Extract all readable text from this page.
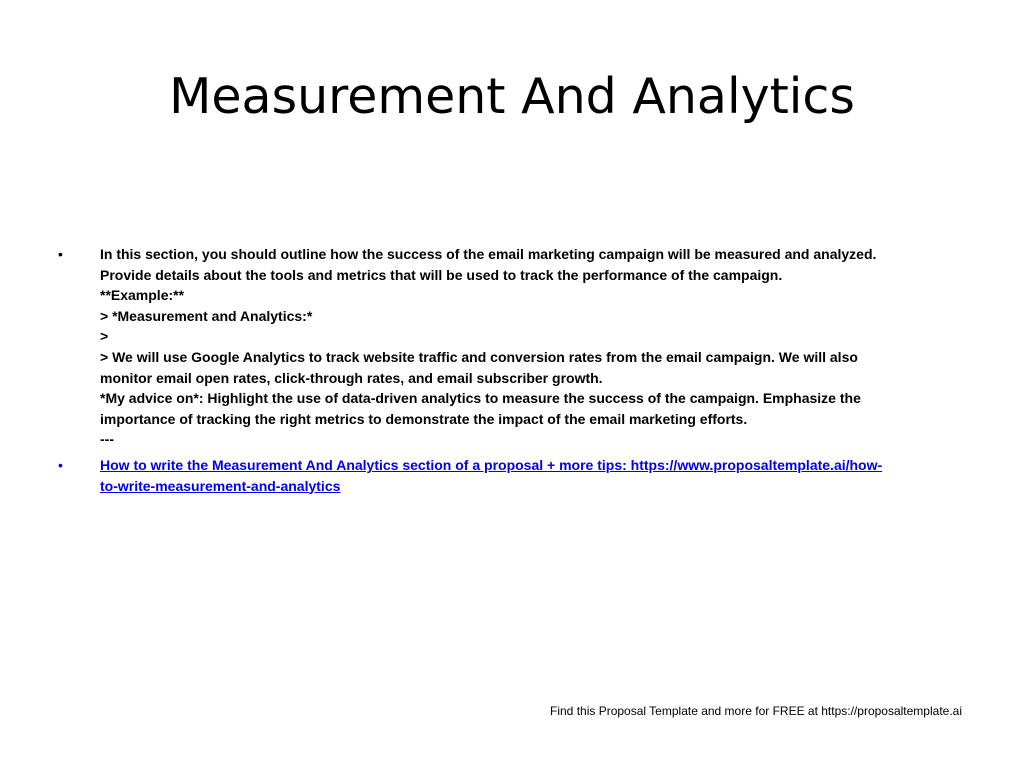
Measurement And Analytics
•	In this section, you should outline how the success of the email marketing campaign will be measured and analyzed.
Provide details about the tools and metrics that will be used to track the performance of the campaign.
**Example:**
> *Measurement and Analytics:*
>
> We will use Google Analytics to track website traffic and conversion rates from the email campaign. We will also
monitor email open rates, click-through rates, and email subscriber growth.
*My advice on*: Highlight the use of data-driven analytics to measure the success of the campaign. Emphasize the
importance of tracking the right metrics to demonstrate the impact of the email marketing efforts.
---
•	How to write the Measurement And Analytics section of a proposal + more tips: https://www.proposaltemplate.ai/how-
to-write-measurement-and-analytics
Find this Proposal Template and more for FREE at https://proposaltemplate.ai
